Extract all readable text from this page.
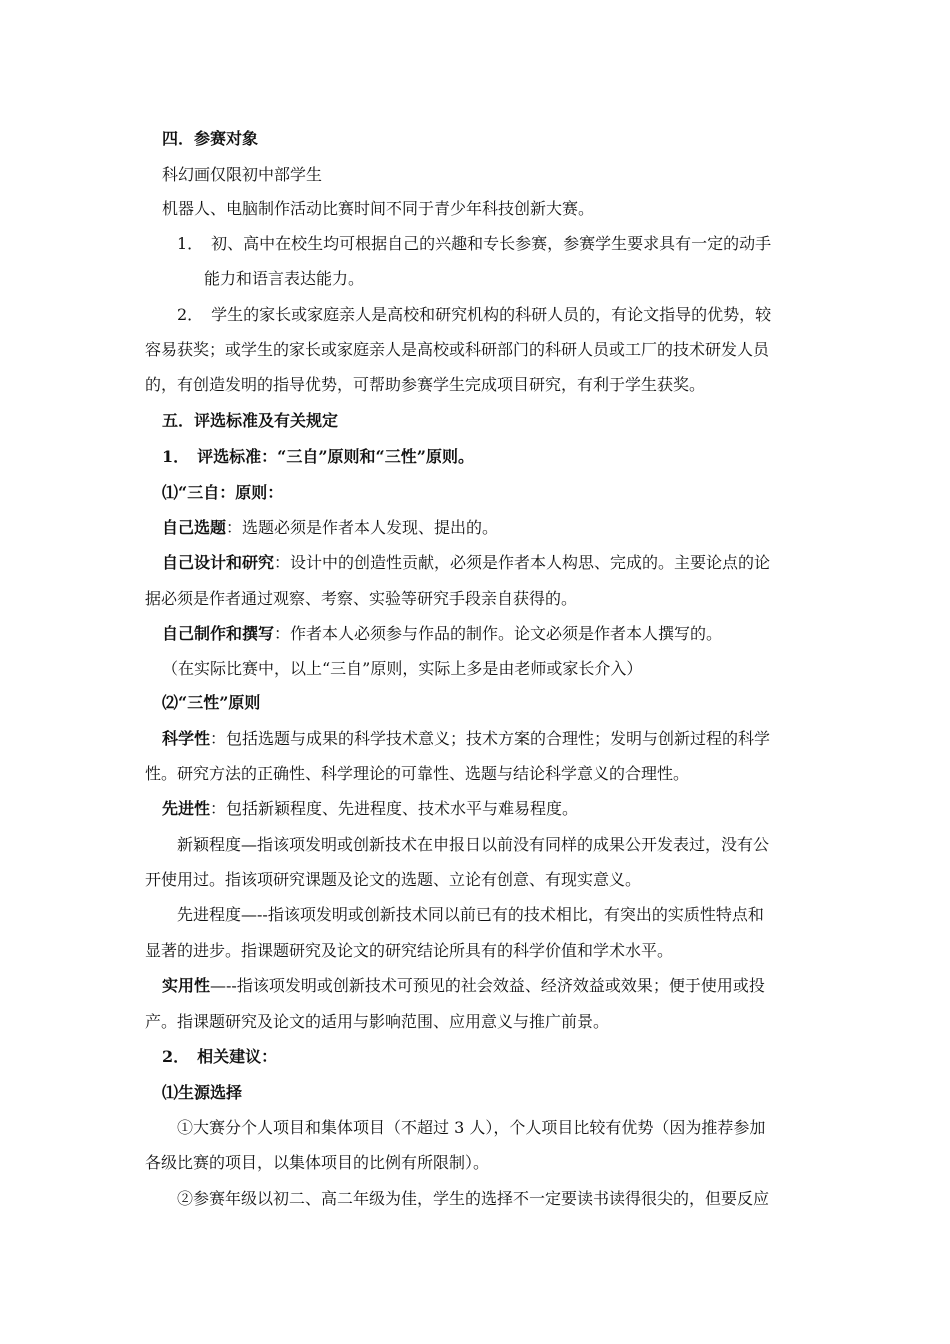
四．参赛对象

科幻画仅限初中部学生

机器人、电脑制作活动比赛时间不同于青少年科技创新大赛。

1．　初、高中在校生均可根据自己的兴趣和专长参赛，参赛学生要求具有一定的动手

能力和语言表达能力。

2．　学生的家长或家庭亲人是高校和研究机构的科研人员的，有论文指导的优势，较

容易获奖；或学生的家长或家庭亲人是高校或科研部门的科研人员或工厂的技术研发人员

的，有创造发明的指导优势，可帮助参赛学生完成项目研究，有利于学生获奖。

五．评选标准及有关规定

1．　评选标准：“三自”原则和“三性”原则。

⑴“三自：原则：

自己选题：选题必须是作者本人发现、提出的。

自己设计和研究：设计中的创造性贡献，必须是作者本人构思、完成的。主要论点的论

据必须是作者通过观察、考察、实验等研究手段亲自获得的。

自己制作和撰写：作者本人必须参与作品的制作。论文必须是作者本人撰写的。

（在实际比赛中，以上“三自”原则，实际上多是由老师或家长介入）

⑵“三性”原则

科学性：包括选题与成果的科学技术意义；技术方案的合理性；发明与创新过程的科学

性。研究方法的正确性、科学理论的可靠性、选题与结论科学意义的合理性。

先进性：包括新颖程度、先进程度、技术水平与难易程度。

新颖程度—指该项发明或创新技术在申报日以前没有同样的成果公开发表过，没有公

开使用过。指该项研究课题及论文的选题、立论有创意、有现实意义。

先进程度—--指该项发明或创新技术同以前已有的技术相比，有突出的实质性特点和

显著的进步。指课题研究及论文的研究结论所具有的科学价值和学术水平。

实用性—--指该项发明或创新技术可预见的社会效益、经济效益或效果；便于使用或投

产。指课题研究及论文的适用与影响范围、应用意义与推广前景。

2．　相关建议：

⑴生源选择

①大赛分个人项目和集体项目（不超过 3 人），个人项目比较有优势（因为推荐参加

各级比赛的项目，以集体项目的比例有所限制）。

②参赛年级以初二、高二年级为佳，学生的选择不一定要读书读得很尖的，但要反应
